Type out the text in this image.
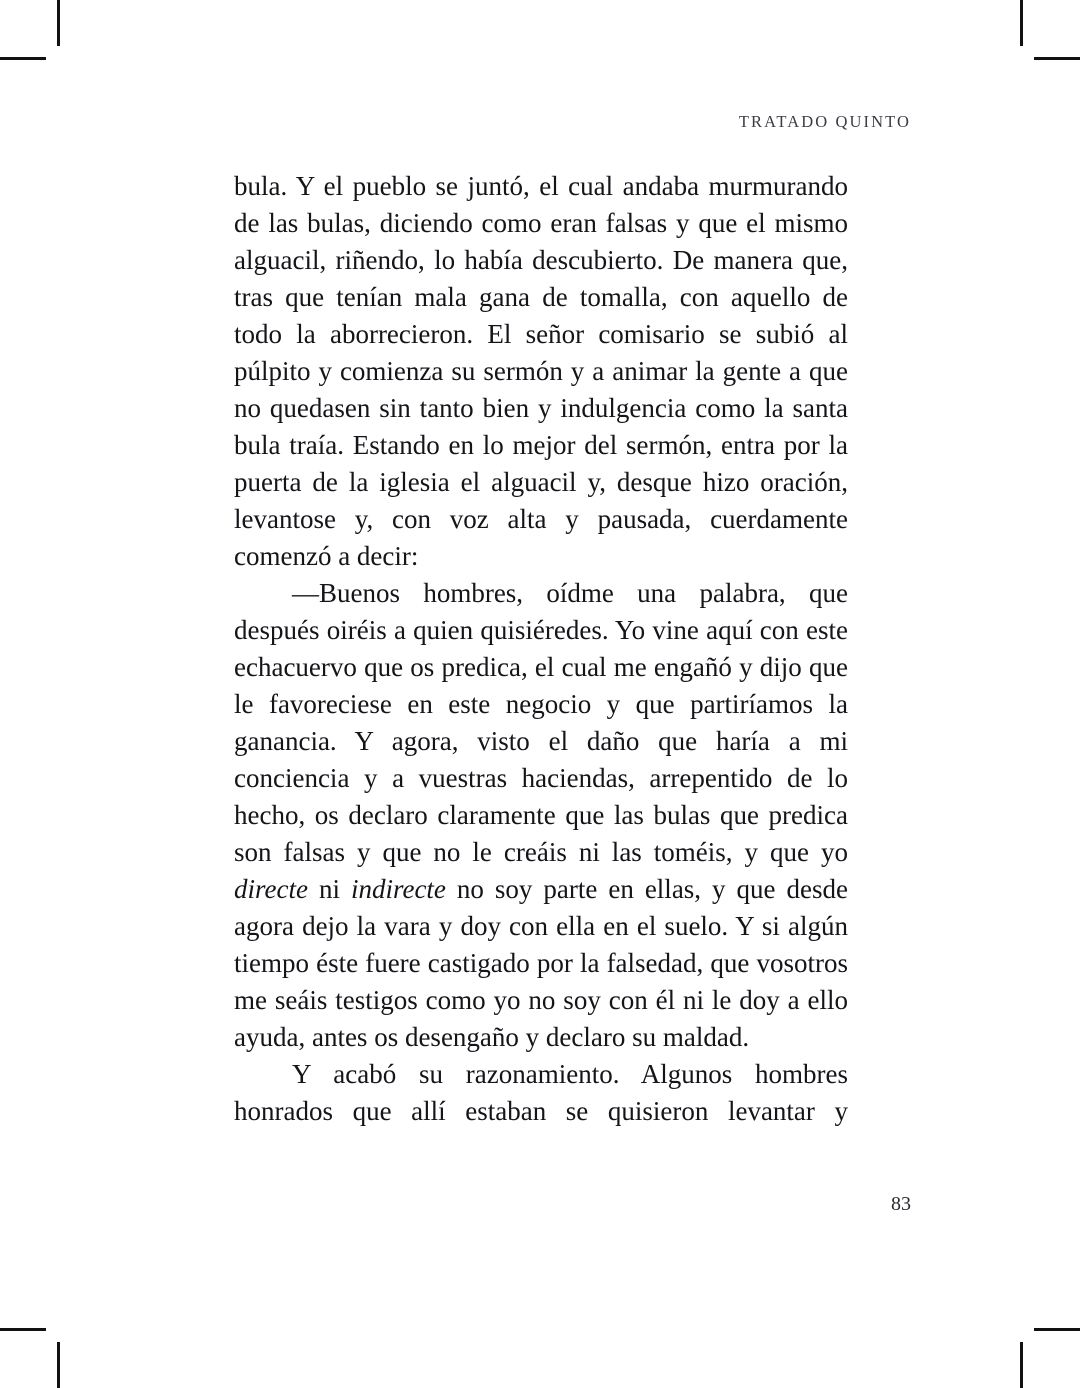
TRATADO QUINTO

bula. Y el pueblo se juntó, el cual andaba murmurando de las bulas, diciendo como eran falsas y que el mismo alguacil, riñendo, lo había descubierto. De manera que, tras que tenían mala gana de tomalla, con aquello de todo la aborrecieron. El señor comisario se subió al púlpito y comienza su sermón y a animar la gente a que no quedasen sin tanto bien y indulgencia como la santa bula traía. Estando en lo mejor del sermón, entra por la puerta de la iglesia el alguacil y, desque hizo oración, levantose y, con voz alta y pausada, cuerdamente comenzó a decir:

—Buenos hombres, oídme una palabra, que después oiréis a quien quisiéredes. Yo vine aquí con este echacuervo que os predica, el cual me engañó y dijo que le favoreciese en este negocio y que partiríamos la ganancia. Y agora, visto el daño que haría a mi conciencia y a vuestras haciendas, arrepentido de lo hecho, os declaro claramente que las bulas que predica son falsas y que no le creáis ni las toméis, y que yo directe ni indirecte no soy parte en ellas, y que desde agora dejo la vara y doy con ella en el suelo. Y si algún tiempo éste fuere castigado por la falsedad, que vosotros me seáis testigos como yo no soy con él ni le doy a ello ayuda, antes os desengaño y declaro su maldad.

Y acabó su razonamiento. Algunos hombres honrados que allí estaban se quisieron levantar y

83
